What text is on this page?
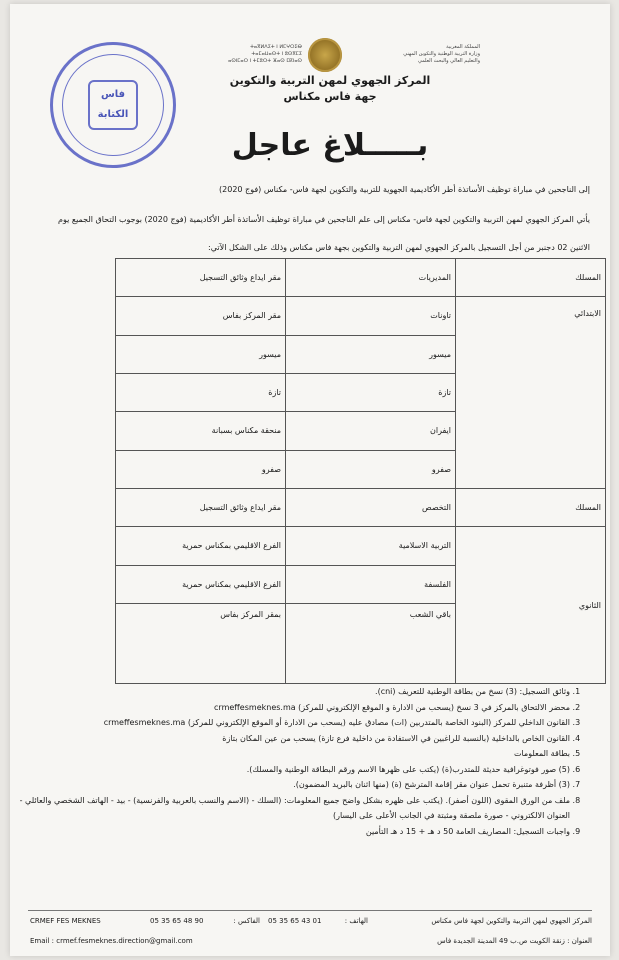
فاس الكتابة
ⵜⴰⴳⵍⴷⵉⵜ ⵏ ⵍⵎⵖⵔⵉⴱ
ⵜⴰⵎⴰⵡⴰⵙⵜ ⵏ ⵓⵙⴳⵎⵉ
ⴰⵙⵏⵎⴰⵔ ⵏ ⵜⵎⵓⵔⵜ ⴼⴰⵙ ⵎⴽⵏⴰⵙ
المملكة المغربية
وزارة التربية الوطنية والتكوين المهني
والتعليم العالي والبحث العلمي
المركز الجهوي لمهن التربية والتكوين
جهة فاس مكناس
بـــــلاغ عاجل
إلى الناجحين في مباراة توظيف الأساتذة أطر الأكاديمية الجهوية للتربية والتكوين لجهة فاس- مكناس (فوج 2020)
يأتي المركز الجهوي لمهن التربية والتكوين لجهة فاس- مكناس إلى علم الناجحين في مباراة توظيف الأساتذة أطر الأكاديمية (فوج 2020) بوجوب التحاق الجميع يوم
الاثنين 02 دجنبر من أجل التسجيل بالمركز الجهوي لمهن التربية والتكوين بجهة فاس مكناس وذلك على الشكل الآتي:
المسلك	المديريات	مقر ايداع وثائق التسجيل	
الابتدائي	تاونات	مقر المركز بفاس	
	ميسور	ميسور	
	تازة	تازة	
	ايفران	منحقة مكناس بسبانة	
	صفرو	صفرو	
المسلك	التخصص	مقر ايداع وثائق التسجيل	
الثانوي	التربية الاسلامية	الفرع الاقليمي بمكناس حمرية	
	الفلسفة	الفرع الاقليمي بمكناس حمرية	
	باقي الشعب	بمقر المركز بفاس	
1. وثائق التسجيل: (3) نسخ من بطاقة الوطنية للتعريف (cni).
2. محضر الالتحاق بالمركز في 3 نسخ (يسحب من الادارة و الموقع الإلكتروني للمركز) crmeffesmeknes.ma
3. القانون الداخلي للمركز (البنود الخاصة بالمتدربين (ات) مصادق عليه (يسحب من الادارة أو الموقع الإلكتروني للمركز) crmeffesmeknes.ma
4. القانون الخاص بالداخلية (بالنسبة للراغبين في الاستفادة من داخلية فرع تازة) يسحب من عين المكان بتازة
5. بطاقة المعلومات
6. (5) صور فوتوغرافية حديثة للمتدرب(ة) (يكتب على ظهرها الاسم ورقم البطاقة الوطنية والمسلك).
7. (3) أظرفة متنبرة تحمل عنوان مقر إقامة المترشح (ة) (منها اثنان بالبريد المضمون).
8. ملف من الورق المقوى (اللون أصفر). (يكتب على ظهره بشكل واضح جميع المعلومات: (السلك - (الاسم والنسب بالعربية والفرنسية) - بيد - الهاتف الشخصي والعائلي - العنوان الالكتروني - صورة ملصقة ومثبتة في الجانب الأعلى على اليسار)
9. واجبات التسجيل: المصاريف العامة 50 د هـ + 15 د هـ التأمين
CRMEF FES MEKNES	05 35 65 48 90	الفاكس : 05 35 65 43 01	الهاتف :	المركز الجهوي لمهن التربية والتكوين لجهة فاس مكناس
Email : crmef.fesmeknes.direction@gmail.com	العنوان : زنقة الكويت ص.ب 49 المدينة الجديدة فاس
